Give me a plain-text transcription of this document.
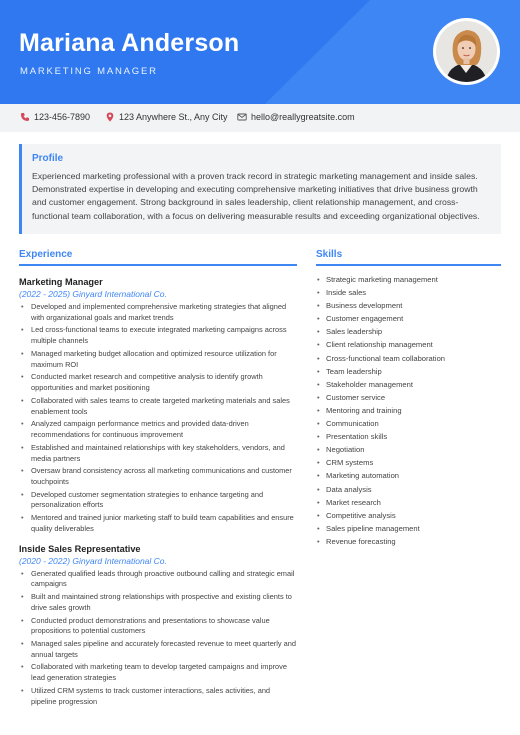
Mariana Anderson
MARKETING MANAGER
123-456-7890	123 Anywhere St., Any City	hello@reallygreatsite.com
Profile

Experienced marketing professional with a proven track record in strategic marketing management and inside sales. Demonstrated expertise in developing and executing comprehensive marketing initiatives that drive business growth and customer engagement. Strong background in sales leadership, client relationship management, and cross-functional team collaboration, with a focus on delivering measurable results and exceeding organizational objectives.

Experience	Skills
Marketing Manager
(2022 - 2025) Ginyard International Co.
• Developed and implemented comprehensive marketing strategies that aligned with organizational goals and market trends
• Led cross-functional teams to execute integrated marketing campaigns across multiple channels
• Managed marketing budget allocation and optimized resource utilization for maximum ROI
• Conducted market research and competitive analysis to identify growth opportunities and market positioning
• Collaborated with sales teams to create targeted marketing materials and sales enablement tools
• Analyzed campaign performance metrics and provided data-driven recommendations for continuous improvement
• Established and maintained relationships with key stakeholders, vendors, and media partners
• Oversaw brand consistency across all marketing communications and customer touchpoints
• Developed customer segmentation strategies to enhance targeting and personalization efforts
• Mentored and trained junior marketing staff to build team capabilities and ensure quality deliverables
Inside Sales Representative
(2020 - 2022) Ginyard International Co.
• Generated qualified leads through proactive outbound calling and strategic email campaigns
• Built and maintained strong relationships with prospective and existing clients to drive sales growth
• Conducted product demonstrations and presentations to showcase value propositions to potential customers
• Managed sales pipeline and accurately forecasted revenue to meet quarterly and annual targets
• Collaborated with marketing team to develop targeted campaigns and improve lead generation strategies
• Utilized CRM systems to track customer interactions, sales activities, and pipeline progression
• Strategic marketing management
• Inside sales
• Business development
• Customer engagement
• Sales leadership
• Client relationship management
• Cross-functional team collaboration
• Team leadership
• Stakeholder management
• Customer service
• Mentoring and training
• Communication
• Presentation skills
• Negotiation
• CRM systems
• Marketing automation
• Data analysis
• Market research
• Competitive analysis
• Sales pipeline management
• Revenue forecasting
